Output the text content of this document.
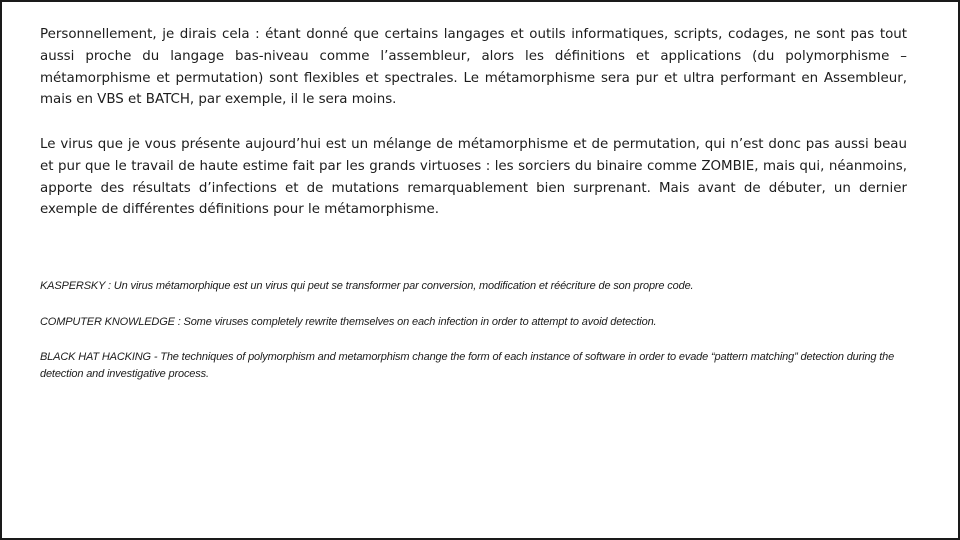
Personnellement, je dirais cela : étant donné que certains langages et outils informatiques, scripts, codages, ne sont pas tout aussi proche du langage bas-niveau comme l’assembleur, alors les définitions et applications (du polymorphisme – métamorphisme et permutation) sont flexibles et spectrales. Le métamorphisme sera pur et ultra performant en Assembleur, mais en VBS et BATCH, par exemple, il le sera moins.

Le virus que je vous présente aujourd’hui est un mélange de métamorphisme et de permutation, qui n’est donc pas aussi beau et pur que le travail de haute estime fait par les grands virtuoses : les sorciers du binaire comme ZOMBIE, mais qui, néanmoins, apporte des résultats d’infections et de mutations remarquablement bien surprenant. Mais avant de débuter, un dernier exemple de différentes définitions pour le métamorphisme.

KASPERSKY : Un virus métamorphique est un virus qui peut se transformer par conversion, modification et réécriture de son propre code.
COMPUTER KNOWLEDGE : Some viruses completely rewrite themselves on each infection in order to attempt to avoid detection.
BLACK HAT HACKING - The techniques of polymorphism and metamorphism change the form of each instance of software in order to evade “pattern matching” detection during the detection and investigative process.
